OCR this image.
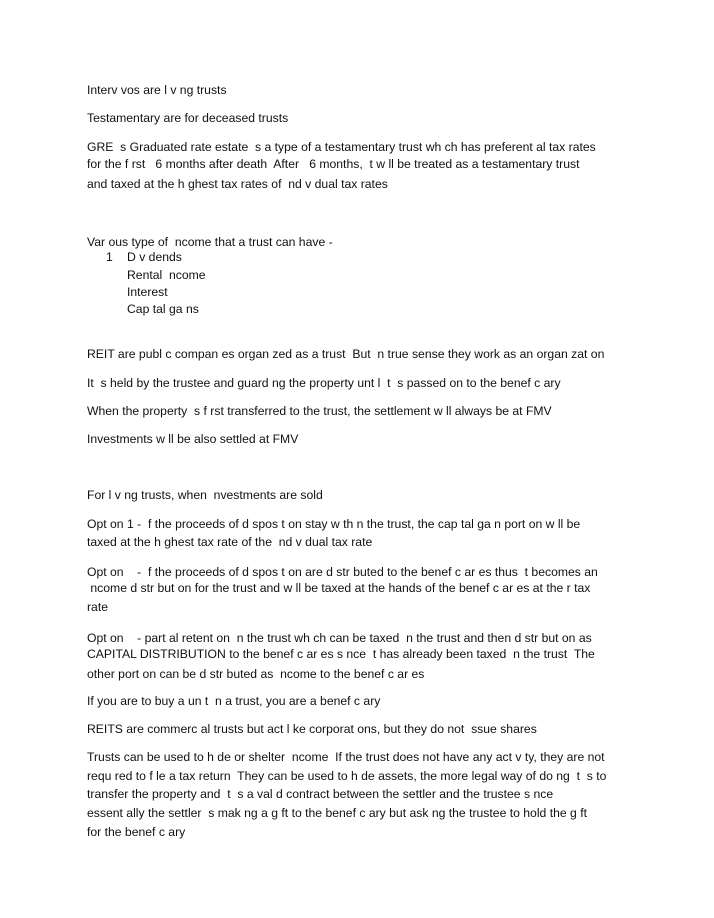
Interv vos are l v ng trusts

Testamentary are for deceased trusts

GRE  s Graduated rate estate  s a type of a testamentary trust wh ch has preferent al tax rates

for the f rst   6 months after death  After   6 months,  t w ll be treated as a testamentary trust

and taxed at the h ghest tax rates of  nd v dual tax rates

Var ous type of  ncome that a trust can have -

1 D v dends
Rental  ncome
Interest
Cap tal ga ns

REIT are publ c compan es organ zed as a trust  But  n true sense they work as an organ zat on

It  s held by the trustee and guard ng the property unt l  t  s passed on to the benef c ary

When the property  s f rst transferred to the trust, the settlement w ll always be at FMV

Investments w ll be also settled at FMV

For l v ng trusts, when  nvestments are sold

Opt on 1 -  f the proceeds of d spos t on stay w th n the trust, the cap tal ga n port on w ll be

taxed at the h ghest tax rate of the  nd v dual tax rate

Opt on    -  f the proceeds of d spos t on are d str buted to the benef c ar es thus  t becomes an

ncome d str but on for the trust and w ll be taxed at the hands of the benef c ar es at the r tax

rate

Opt on    - part al retent on  n the trust wh ch can be taxed  n the trust and then d str but on as

CAPITAL DISTRIBUTION to the benef c ar es s nce  t has already been taxed  n the trust  The

other port on can be d str buted as  ncome to the benef c ar es

If you are to buy a un t  n a trust, you are a benef c ary

REITS are commerc al trusts but act l ke corporat ons, but they do not  ssue shares

Trusts can be used to h de or shelter  ncome  If the trust does not have any act v ty, they are not

requ red to f le a tax return  They can be used to h de assets, the more legal way of do ng  t  s to

transfer the property and  t  s a val d contract between the settler and the trustee s nce

essent ally the settler  s mak ng a g ft to the benef c ary but ask ng the trustee to hold the g ft

for the benef c ary
